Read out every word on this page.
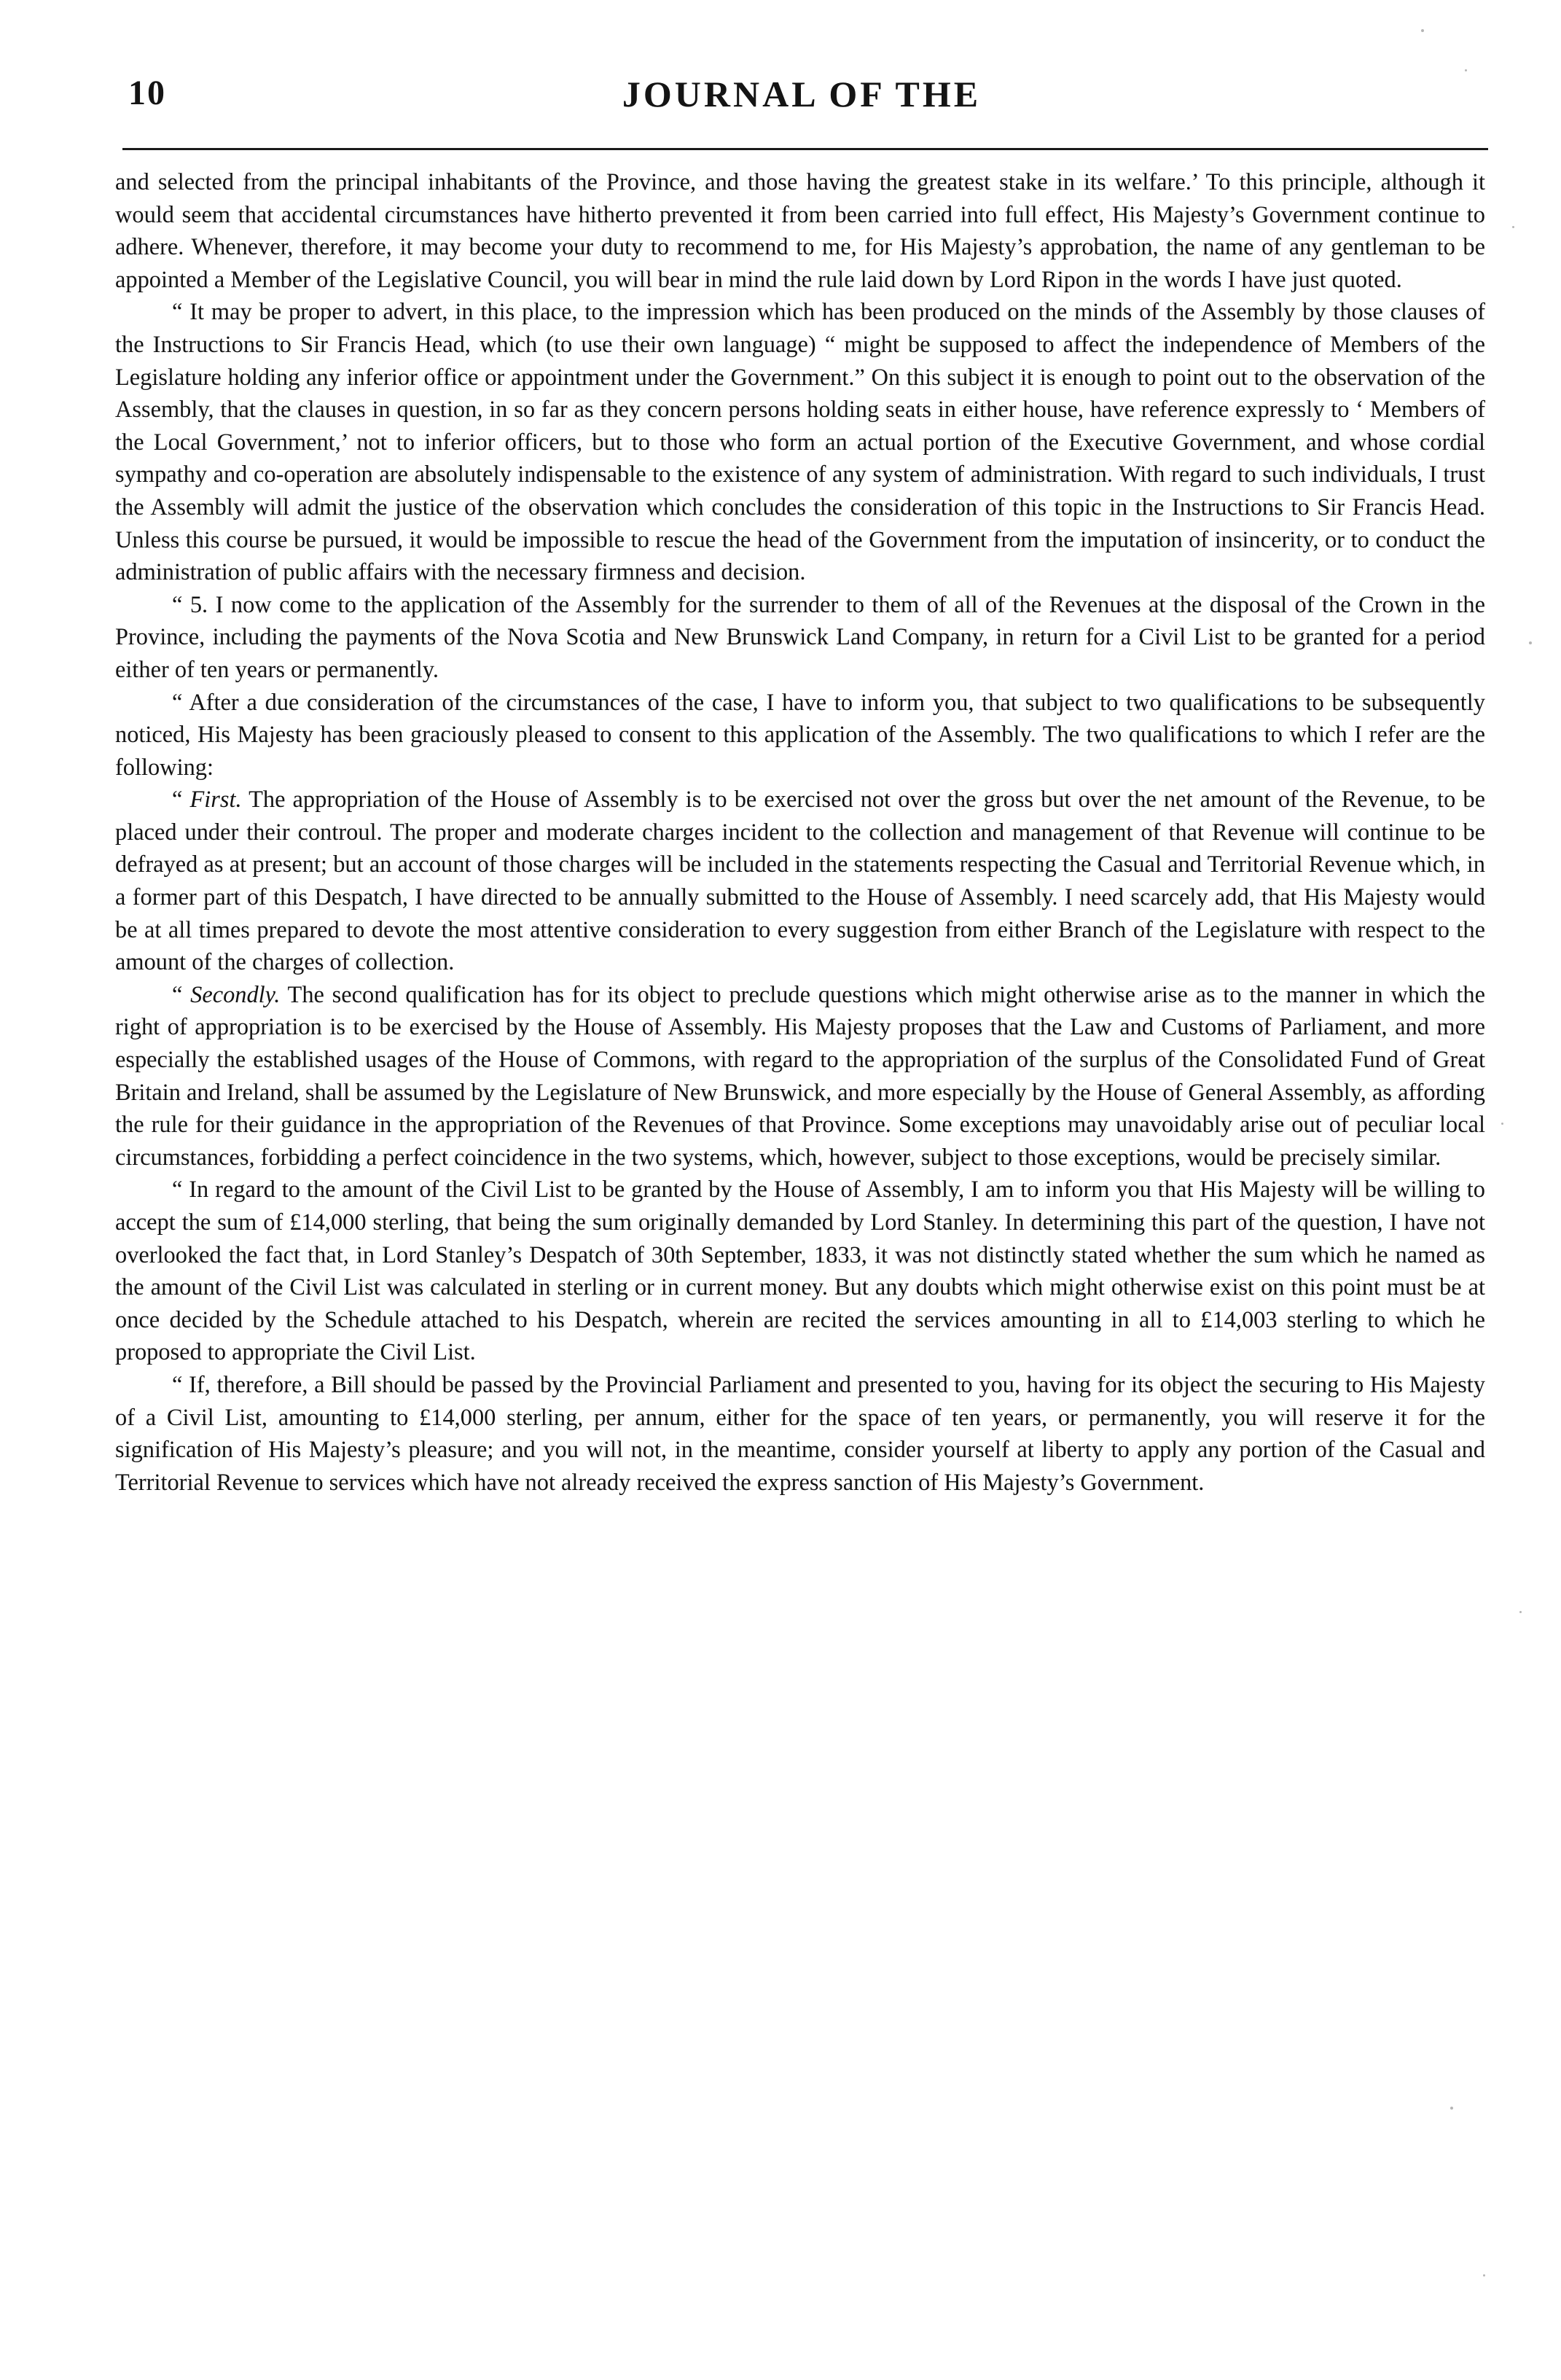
10	JOURNAL OF THE

and selected from the principal inhabitants of the Province, and those having the greatest stake in its welfare.’ To this principle, although it would seem that accidental circumstances have hitherto prevented it from been carried into full effect, His Majesty’s Government continue to adhere. Whenever, therefore, it may become your duty to recommend to me, for His Majesty’s approbation, the name of any gentleman to be appointed a Member of the Legislative Council, you will bear in mind the rule laid down by Lord Ripon in the words I have just quoted.

“ It may be proper to advert, in this place, to the impression which has been produced on the minds of the Assembly by those clauses of the Instructions to Sir Francis Head, which (to use their own language) “ might be supposed to affect the independence of Members of the Legislature holding any inferior office or appointment under the Government.” On this subject it is enough to point out to the observation of the Assembly, that the clauses in question, in so far as they concern persons holding seats in either house, have reference expressly to ‘ Members of the Local Government,’ not to inferior officers, but to those who form an actual portion of the Executive Government, and whose cordial sympathy and co-operation are absolutely indispensable to the existence of any system of administration. With regard to such individuals, I trust the Assembly will admit the justice of the observation which concludes the consideration of this topic in the Instructions to Sir Francis Head. Unless this course be pursued, it would be impossible to rescue the head of the Government from the imputation of insincerity, or to conduct the administration of public affairs with the necessary firmness and decision.

“ 5. I now come to the application of the Assembly for the surrender to them of all of the Revenues at the disposal of the Crown in the Province, including the payments of the Nova Scotia and New Brunswick Land Company, in return for a Civil List to be granted for a period either of ten years or permanently.

“ After a due consideration of the circumstances of the case, I have to inform you, that subject to two qualifications to be subsequently noticed, His Majesty has been graciously pleased to consent to this application of the Assembly. The two qualifications to which I refer are the following:

“ First. The appropriation of the House of Assembly is to be exercised not over the gross but over the net amount of the Revenue, to be placed under their controul. The proper and moderate charges incident to the collection and management of that Revenue will continue to be defrayed as at present; but an account of those charges will be included in the statements respecting the Casual and Territorial Revenue which, in a former part of this Despatch, I have directed to be annually submitted to the House of Assembly. I need scarcely add, that His Majesty would be at all times prepared to devote the most attentive consideration to every suggestion from either Branch of the Legislature with respect to the amount of the charges of collection.

“ Secondly. The second qualification has for its object to preclude questions which might otherwise arise as to the manner in which the right of appropriation is to be exercised by the House of Assembly. His Majesty proposes that the Law and Customs of Parliament, and more especially the established usages of the House of Commons, with regard to the appropriation of the surplus of the Consolidated Fund of Great Britain and Ireland, shall be assumed by the Legislature of New Brunswick, and more especially by the House of General Assembly, as affording the rule for their guidance in the appropriation of the Revenues of that Province. Some exceptions may unavoidably arise out of peculiar local circumstances, forbidding a perfect coincidence in the two systems, which, however, subject to those exceptions, would be precisely similar.

“ In regard to the amount of the Civil List to be granted by the House of Assembly, I am to inform you that His Majesty will be willing to accept the sum of £14,000 sterling, that being the sum originally demanded by Lord Stanley. In determining this part of the question, I have not overlooked the fact that, in Lord Stanley’s Despatch of 30th September, 1833, it was not distinctly stated whether the sum which he named as the amount of the Civil List was calculated in sterling or in current money. But any doubts which might otherwise exist on this point must be at once decided by the Schedule attached to his Despatch, wherein are recited the services amounting in all to £14,003 sterling to which he proposed to appropriate the Civil List.

“ If, therefore, a Bill should be passed by the Provincial Parliament and presented to you, having for its object the securing to His Majesty of a Civil List, amounting to £14,000 sterling, per annum, either for the space of ten years, or permanently, you will reserve it for the signification of His Majesty’s pleasure; and you will not, in the meantime, consider yourself at liberty to apply any portion of the Casual and Territorial Revenue to services which have not already received the express sanction of His Majesty’s Government.
